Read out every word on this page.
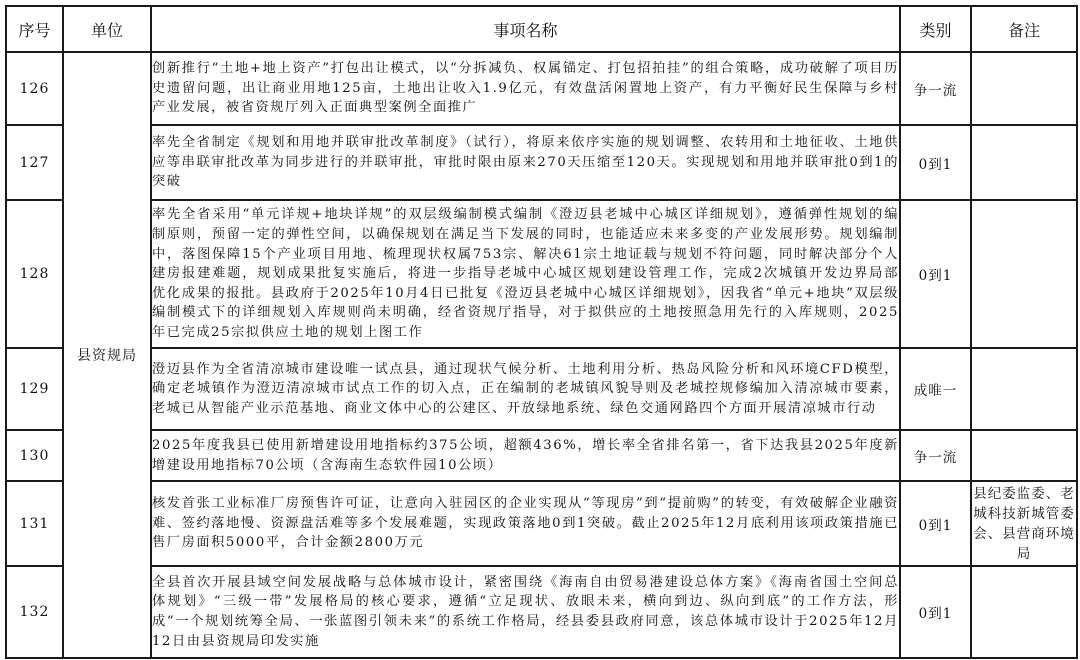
序号	单位	事项名称	类别	备注
126	县资规局	创新推行“土地+地上资产”打包出让模式，以“分拆减负、权属锚定、打包招拍挂”的组合策略，成功破解了项目历史遗留问题，出让商业用地125亩，土地出让收入1.9亿元，有效盘活闲置地上资产，有力平衡好民生保障与乡村产业发展，被省资规厅列入正面典型案例全面推广	争一流	
127		率先全省制定《规划和用地并联审批改革制度》（试行），将原来依序实施的规划调整、农转用和土地征收、土地供应等串联审批改革为同步进行的并联审批，审批时限由原来270天压缩至120天。实现规划和用地并联审批0到1的突破	0到1	
128		率先全省采用“单元详规+地块详规”的双层级编制模式编制《澄迈县老城中心城区详细规划》，遵循弹性规划的编制原则，预留一定的弹性空间，以确保规划在满足当下发展的同时，也能适应未来多变的产业发展形势。规划编制中，落图保障15个产业项目用地、梳理现状权属753宗、解决61宗土地证载与规划不符问题，同时解决部分个人建房报建难题，规划成果批复实施后，将进一步指导老城中心城区规划建设管理工作，完成2次城镇开发边界局部优化成果的报批。县政府于2025年10月4日已批复《澄迈县老城中心城区详细规划》，因我省“单元+地块”双层级编制模式下的详细规划入库规则尚未明确，经省资规厅指导，对于拟供应的土地按照急用先行的入库规则，2025年已完成25宗拟供应土地的规划上图工作	0到1	
129		澄迈县作为全省清凉城市建设唯一试点县，通过现状气候分析、土地利用分析、热岛风险分析和风环境CFD模型，确定老城镇作为澄迈清凉城市试点工作的切入点，正在编制的老城镇风貌导则及老城控规修编加入清凉城市要素，老城已从智能产业示范基地、商业文体中心的公建区、开放绿地系统、绿色交通网路四个方面开展清凉城市行动	成唯一	
130		2025年度我县已使用新增建设用地指标约375公顷，超额436%，增长率全省排名第一，省下达我县2025年度新增建设用地指标70公顷（含海南生态软件园10公顷）	争一流	
131		核发首张工业标准厂房预售许可证，让意向入驻园区的企业实现从“等现房”到“提前购”的转变，有效破解企业融资难、签约落地慢、资源盘活难等多个发展难题，实现政策落地0到1突破。截止2025年12月底利用该项政策措施已售厂房面积5000平，合计金额2800万元	0到1	县纪委监委、老城科技新城管委会、县营商环境局
132		全县首次开展县域空间发展战略与总体城市设计，紧密围绕《海南自由贸易港建设总体方案》《海南省国土空间总体规划》“三级一带”发展格局的核心要求，遵循“立足现状、放眼未来，横向到边、纵向到底”的工作方法，形成“一个规划统筹全局、一张蓝图引领未来”的系统工作格局，经县委县政府同意，该总体城市设计于2025年12月12日由县资规局印发实施	0到1	
